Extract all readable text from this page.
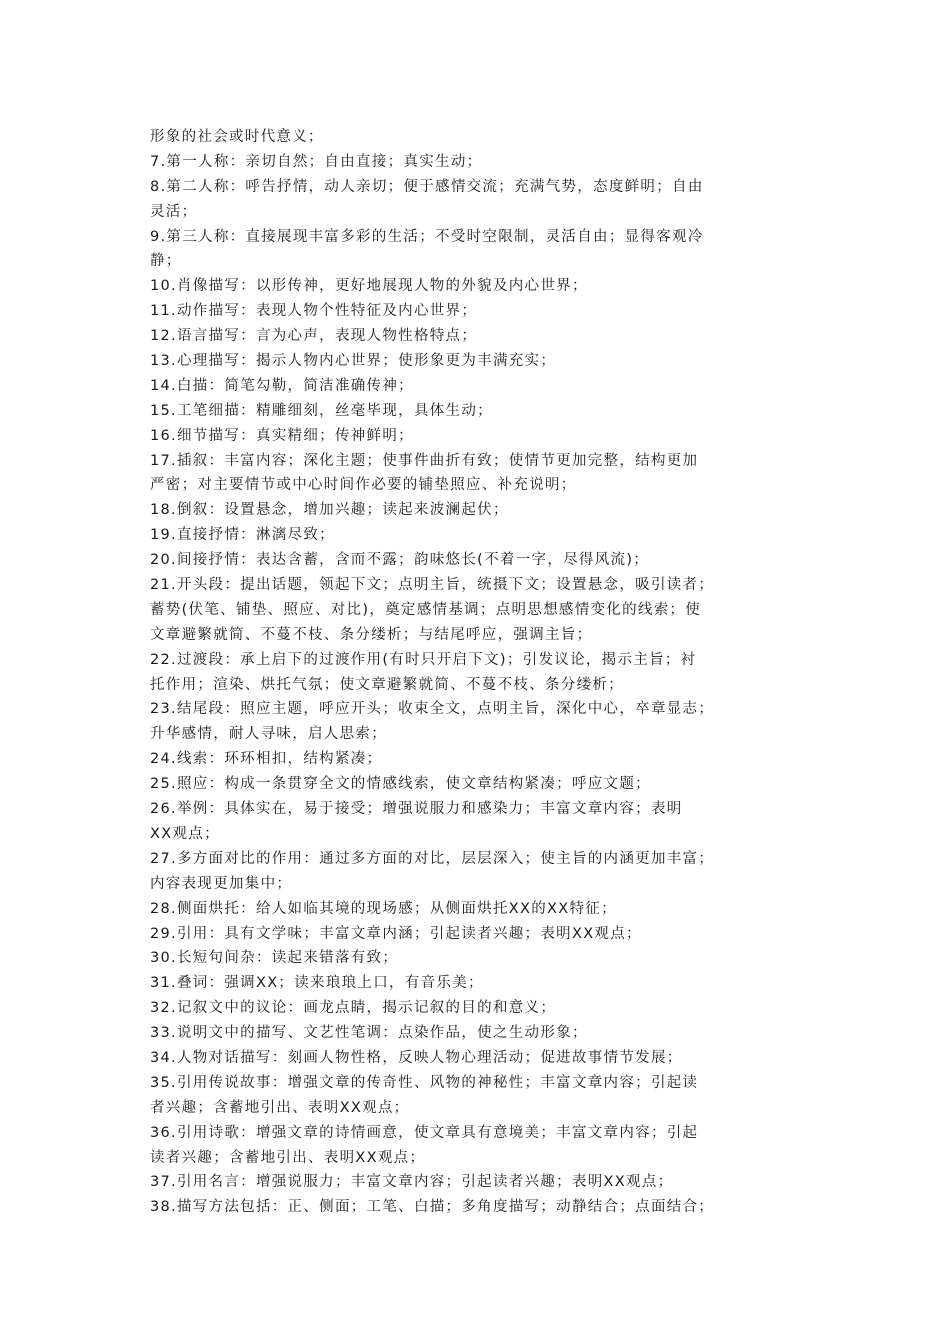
形象的社会或时代意义；
7.第一人称：亲切自然；自由直接；真实生动；
8.第二人称：呼告抒情，动人亲切；便于感情交流；充满气势，态度鲜明；自由
灵活；
9.第三人称：直接展现丰富多彩的生活；不受时空限制，灵活自由；显得客观冷
静；
10.肖像描写：以形传神，更好地展现人物的外貌及内心世界；
11.动作描写：表现人物个性特征及内心世界；
12.语言描写：言为心声，表现人物性格特点；
13.心理描写：揭示人物内心世界；使形象更为丰满充实；
14.白描：简笔勾勒，简洁准确传神；
15.工笔细描：精雕细刻，丝毫毕现，具体生动；
16.细节描写：真实精细；传神鲜明；
17.插叙：丰富内容；深化主题；使事件曲折有致；使情节更加完整，结构更加
严密；对主要情节或中心时间作必要的铺垫照应、补充说明；
18.倒叙：设置悬念，增加兴趣；读起来波澜起伏；
19.直接抒情：淋漓尽致；
20.间接抒情：表达含蓄，含而不露；韵味悠长(不着一字，尽得风流)；
21.开头段：提出话题，领起下文；点明主旨，统摄下文；设置悬念，吸引读者；
蓄势(伏笔、铺垫、照应、对比)，奠定感情基调；点明思想感情变化的线索；使
文章避繁就简、不蔓不枝、条分缕析；与结尾呼应，强调主旨；
22.过渡段：承上启下的过渡作用(有时只开启下文)；引发议论，揭示主旨；衬
托作用；渲染、烘托气氛；使文章避繁就简、不蔓不枝、条分缕析；
23.结尾段：照应主题，呼应开头；收束全文，点明主旨，深化中心，卒章显志；
升华感情，耐人寻味，启人思索；
24.线索：环环相扣，结构紧凑；
25.照应：构成一条贯穿全文的情感线索，使文章结构紧凑；呼应文题；
26.举例：具体实在，易于接受；增强说服力和感染力；丰富文章内容；表明
XX观点；
27.多方面对比的作用：通过多方面的对比，层层深入；使主旨的内涵更加丰富；
内容表现更加集中；
28.侧面烘托：给人如临其境的现场感；从侧面烘托XX的XX特征；
29.引用：具有文学味；丰富文章内涵；引起读者兴趣；表明XX观点；
30.长短句间杂：读起来错落有致；
31.叠词：强调XX；读来琅琅上口，有音乐美；
32.记叙文中的议论：画龙点睛，揭示记叙的目的和意义；
33.说明文中的描写、文艺性笔调：点染作品，使之生动形象；
34.人物对话描写：刻画人物性格，反映人物心理活动；促进故事情节发展；
35.引用传说故事：增强文章的传奇性、风物的神秘性；丰富文章内容；引起读
者兴趣；含蓄地引出、表明XX观点；
36.引用诗歌：增强文章的诗情画意，使文章具有意境美；丰富文章内容；引起
读者兴趣；含蓄地引出、表明XX观点；
37.引用名言：增强说服力；丰富文章内容；引起读者兴趣；表明XX观点；
38.描写方法包括：正、侧面；工笔、白描；多角度描写；动静结合；点面结合；
